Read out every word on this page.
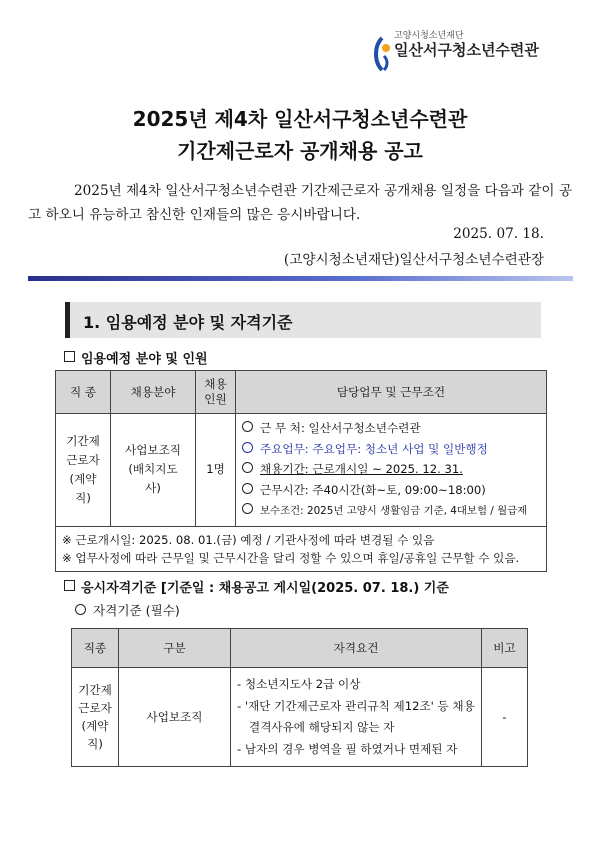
고양시청소년재단
일산서구청소년수련관
2025년 제4차 일산서구청소년수련관
기간제근로자 공개채용 공고
2025년 제4차 일산서구청소년수련관 기간제근로자 공개채용 일정을 다음과 같이 공고 하오니 유능하고 참신한 인재들의 많은 응시바랍니다.
2025. 07. 18.
(고양시청소년재단)일산서구청소년수련관장
1. 임용예정 분야 및 자격기준
임용예정 분야 및 인원
직 종	채용분야	채용 인원	담당업무 및 근무조건
기간제 근로자 (계약직)	사업보조직 (배치지도사)	1명	근 무 처: 일산서구청소년수련관
주요업무: 주요업무: 청소년 사업 및 일반행정
채용기간: 근로개시일 ~ 2025. 12. 31.
근무시간: 주40시간(화~토, 09:00~18:00)
보수조건: 2025년 고양시 생활임금 기준, 4대보험 / 월급제

※ 근로개시일: 2025. 08. 01.(금) 예정 / 기관사정에 따라 변경될 수 있음
※ 업무사정에 따라 근무일 및 근무시간을 달리 정할 수 있으며 휴일/공휴일 근무할 수 있음.			
응시자격기준 [기준일 : 채용공고 게시일(2025. 07. 18.) 기준
자격기준 (필수)
직종	구분	자격요건	비고
기간제 근로자 (계약직)	사업보조직	- 청소년지도사 2급 이상
- '재단 기간제근로자 관리규칙 제12조' 등 채용결격사유에 해당되지 않는 자
- 남자의 경우 병역을 필 하였거나 면제된 자	-
